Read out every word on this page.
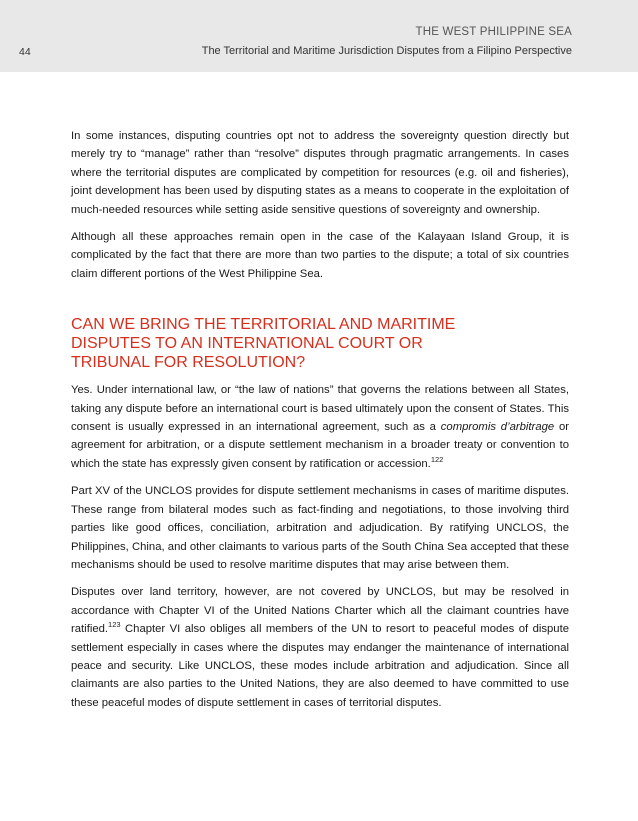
44
THE WEST PHILIPPINE SEA
The Territorial and Maritime Jurisdiction Disputes from a Filipino Perspective

In some instances, disputing countries opt not to address the sovereignty question directly but merely try to “manage” rather than “resolve” disputes through pragmatic arrangements. In cases where the territorial disputes are complicated by competition for resources (e.g. oil and fisheries), joint development has been used by disputing states as a means to cooperate in the exploitation of much-needed resources while setting aside sensitive questions of sovereignty and ownership.

Although all these approaches remain open in the case of the Kalayaan Island Group, it is complicated by the fact that there are more than two parties to the dispute; a total of six countries claim different portions of the West Philippine Sea.

CAN WE BRING THE TERRITORIAL AND MARITIME
DISPUTES TO AN INTERNATIONAL COURT OR
TRIBUNAL FOR RESOLUTION?

Yes. Under international law, or “the law of nations” that governs the relations between all States, taking any dispute before an international court is based ultimately upon the consent of States. This consent is usually expressed in an international agreement, such as a compromis d’arbitrage or agreement for arbitration, or a dispute settlement mechanism in a broader treaty or convention to which the state has expressly given consent by ratification or accession.$^{122}$

Part XV of the UNCLOS provides for dispute settlement mechanisms in cases of maritime disputes. These range from bilateral modes such as fact-finding and negotiations, to those involving third parties like good offices, conciliation, arbitration and adjudication. By ratifying UNCLOS, the Philippines, China, and other claimants to various parts of the South China Sea accepted that these mechanisms should be used to resolve maritime disputes that may arise between them.

Disputes over land territory, however, are not covered by UNCLOS, but may be resolved in accordance with Chapter VI of the United Nations Charter which all the claimant countries have ratified.$^{123}$ Chapter VI also obliges all members of the UN to resort to peaceful modes of dispute settlement especially in cases where the disputes may endanger the maintenance of international peace and security. Like UNCLOS, these modes include arbitration and adjudication. Since all claimants are also parties to the United Nations, they are also deemed to have committed to use these peaceful modes of dispute settlement in cases of territorial disputes.
